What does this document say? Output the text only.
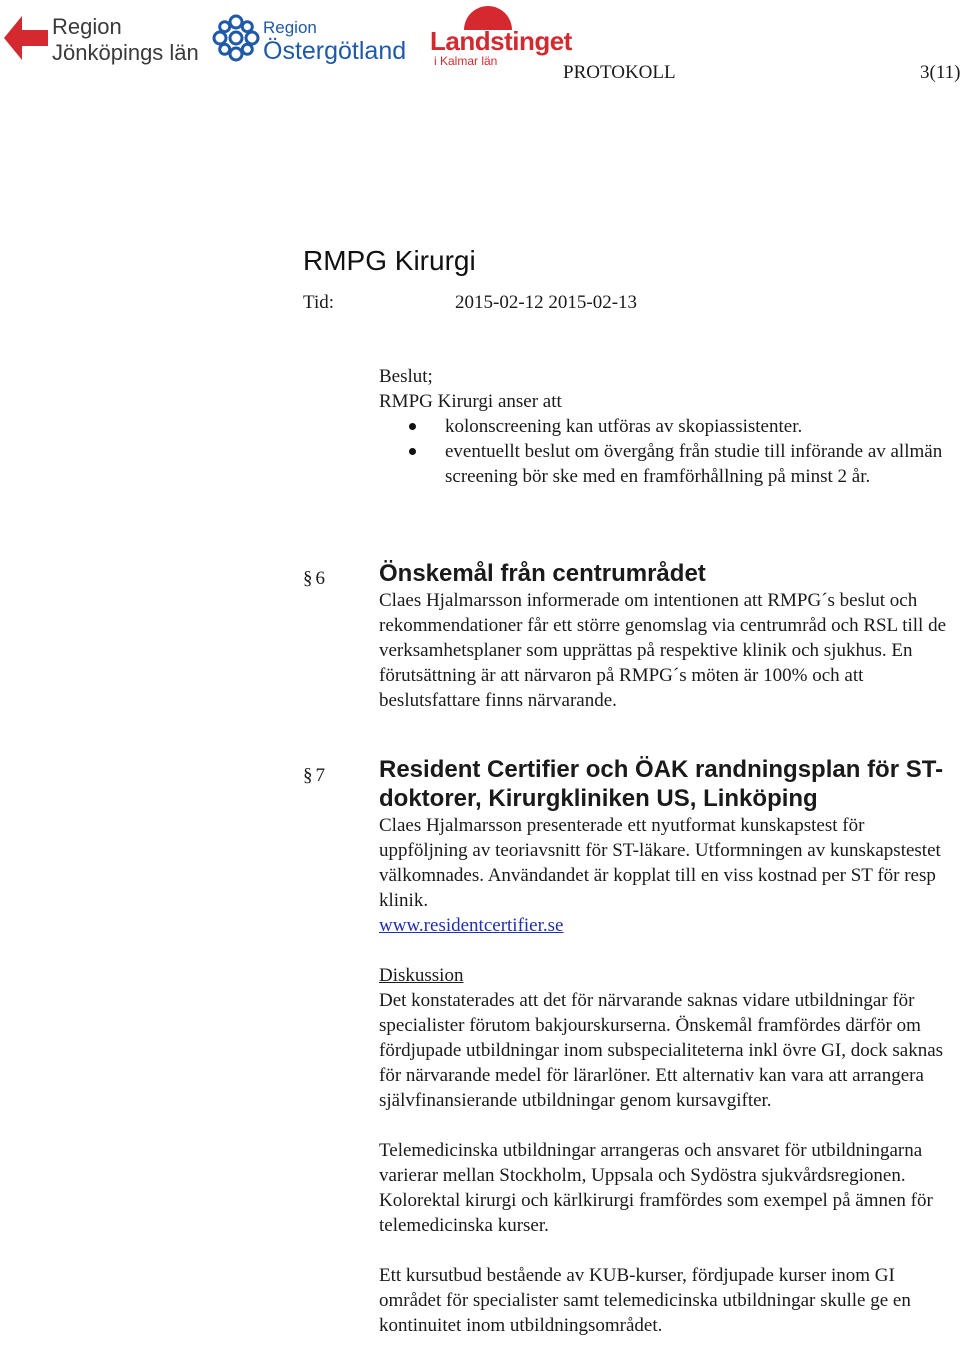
Region
Jönköpings län
Region
Östergötland Landstinget
i Kalmar län
PROTOKOLL	3(11)
RMPG Kirurgi
Tid:	2015-02-12 2015-02-13

Beslut;

RMPG Kirurgi anser att

kolonscreening kan utföras av skopiassistenter.
eventuellt beslut om övergång från studie till införande av allmän screening bör ske med en framförhållning på minst 2 år.
§ 6 Önskemål från centrumrådet

Claes Hjalmarsson informerade om intentionen att RMPG´s beslut och rekommendationer får ett större genomslag via centrumråd och RSL till de verksamhetsplaner som upprättas på respektive klinik och sjukhus. En förutsättning är att närvaron på RMPG´s möten är 100% och att beslutsfattare finns närvarande.

§ 7 Resident Certifier och ÖAK randningsplan för ST-doktorer, Kirurgkliniken US, Linköping

Claes Hjalmarsson presenterade ett nyutformat kunskapstest för uppföljning av teoriavsnitt för ST-läkare. Utformningen av kunskapstestet välkomnades. Användandet är kopplat till en viss kostnad per ST för resp klinik.

www.residentcertifier.se

Diskussion

Det konstaterades att det för närvarande saknas vidare utbildningar för specialister förutom bakjourskurserna. Önskemål framfördes därför om fördjupade utbildningar inom subspecialiteterna inkl övre GI, dock saknas för närvarande medel för lärarlöner. Ett alternativ kan vara att arrangera självfinansierande utbildningar genom kursavgifter.

Telemedicinska utbildningar arrangeras och ansvaret för utbildningarna varierar mellan Stockholm, Uppsala och Sydöstra sjukvårdsregionen. Kolorektal kirurgi och kärlkirurgi framfördes som exempel på ämnen för telemedicinska kurser.

Ett kursutbud bestående av KUB-kurser, fördjupade kurser inom GI området för specialister samt telemedicinska utbildningar skulle ge en kontinuitet inom utbildningsområdet.
